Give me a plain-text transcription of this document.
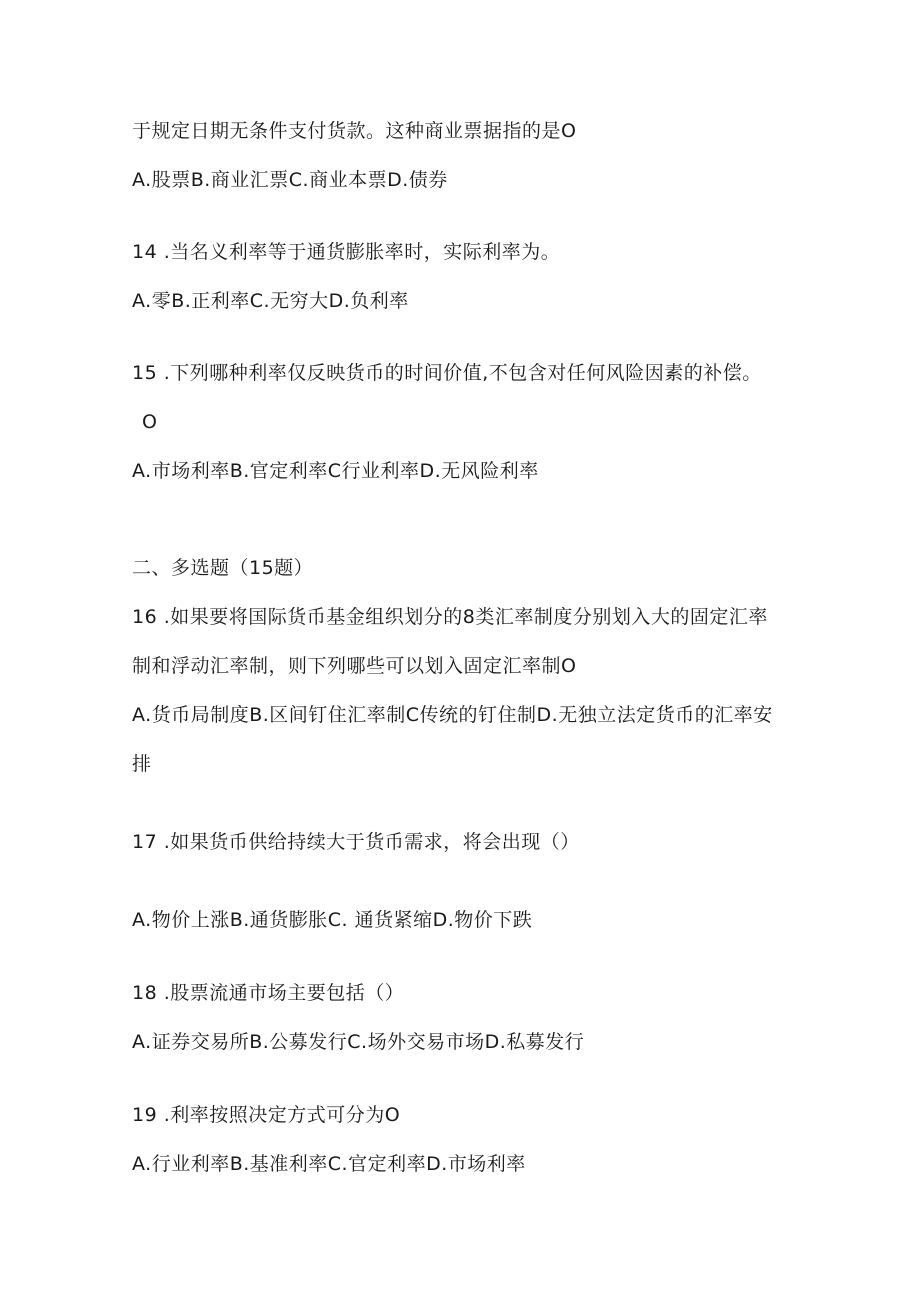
于规定日期无条件支付货款。这种商业票据指的是O
A.股票B.商业汇票C.商业本票D.债券
14 .当名义利率等于通货膨胀率时，实际利率为。
A.零B.正利率C.无穷大D.负利率
15 .下列哪种利率仅反映货币的时间价值,不包含对任何风险因素的补偿。
O
A.市场利率B.官定利率C行业利率D.无风险利率
二、多选题（15题）
16 .如果要将国际货币基金组织划分的8类汇率制度分别划入大的固定汇率
制和浮动汇率制，则下列哪些可以划入固定汇率制O
A.货币局制度B.区间钉住汇率制C传统的钉住制D.无独立法定货币的汇率安
排
17 .如果货币供给持续大于货币需求，将会出现（）
A.物价上涨B.通货膨胀C. 通货紧缩D.物价下跌
18 .股票流通市场主要包括（）
A.证券交易所B.公募发行C.场外交易市场D.私募发行
19 .利率按照决定方式可分为O
A.行业利率B.基准利率C.官定利率D.市场利率
